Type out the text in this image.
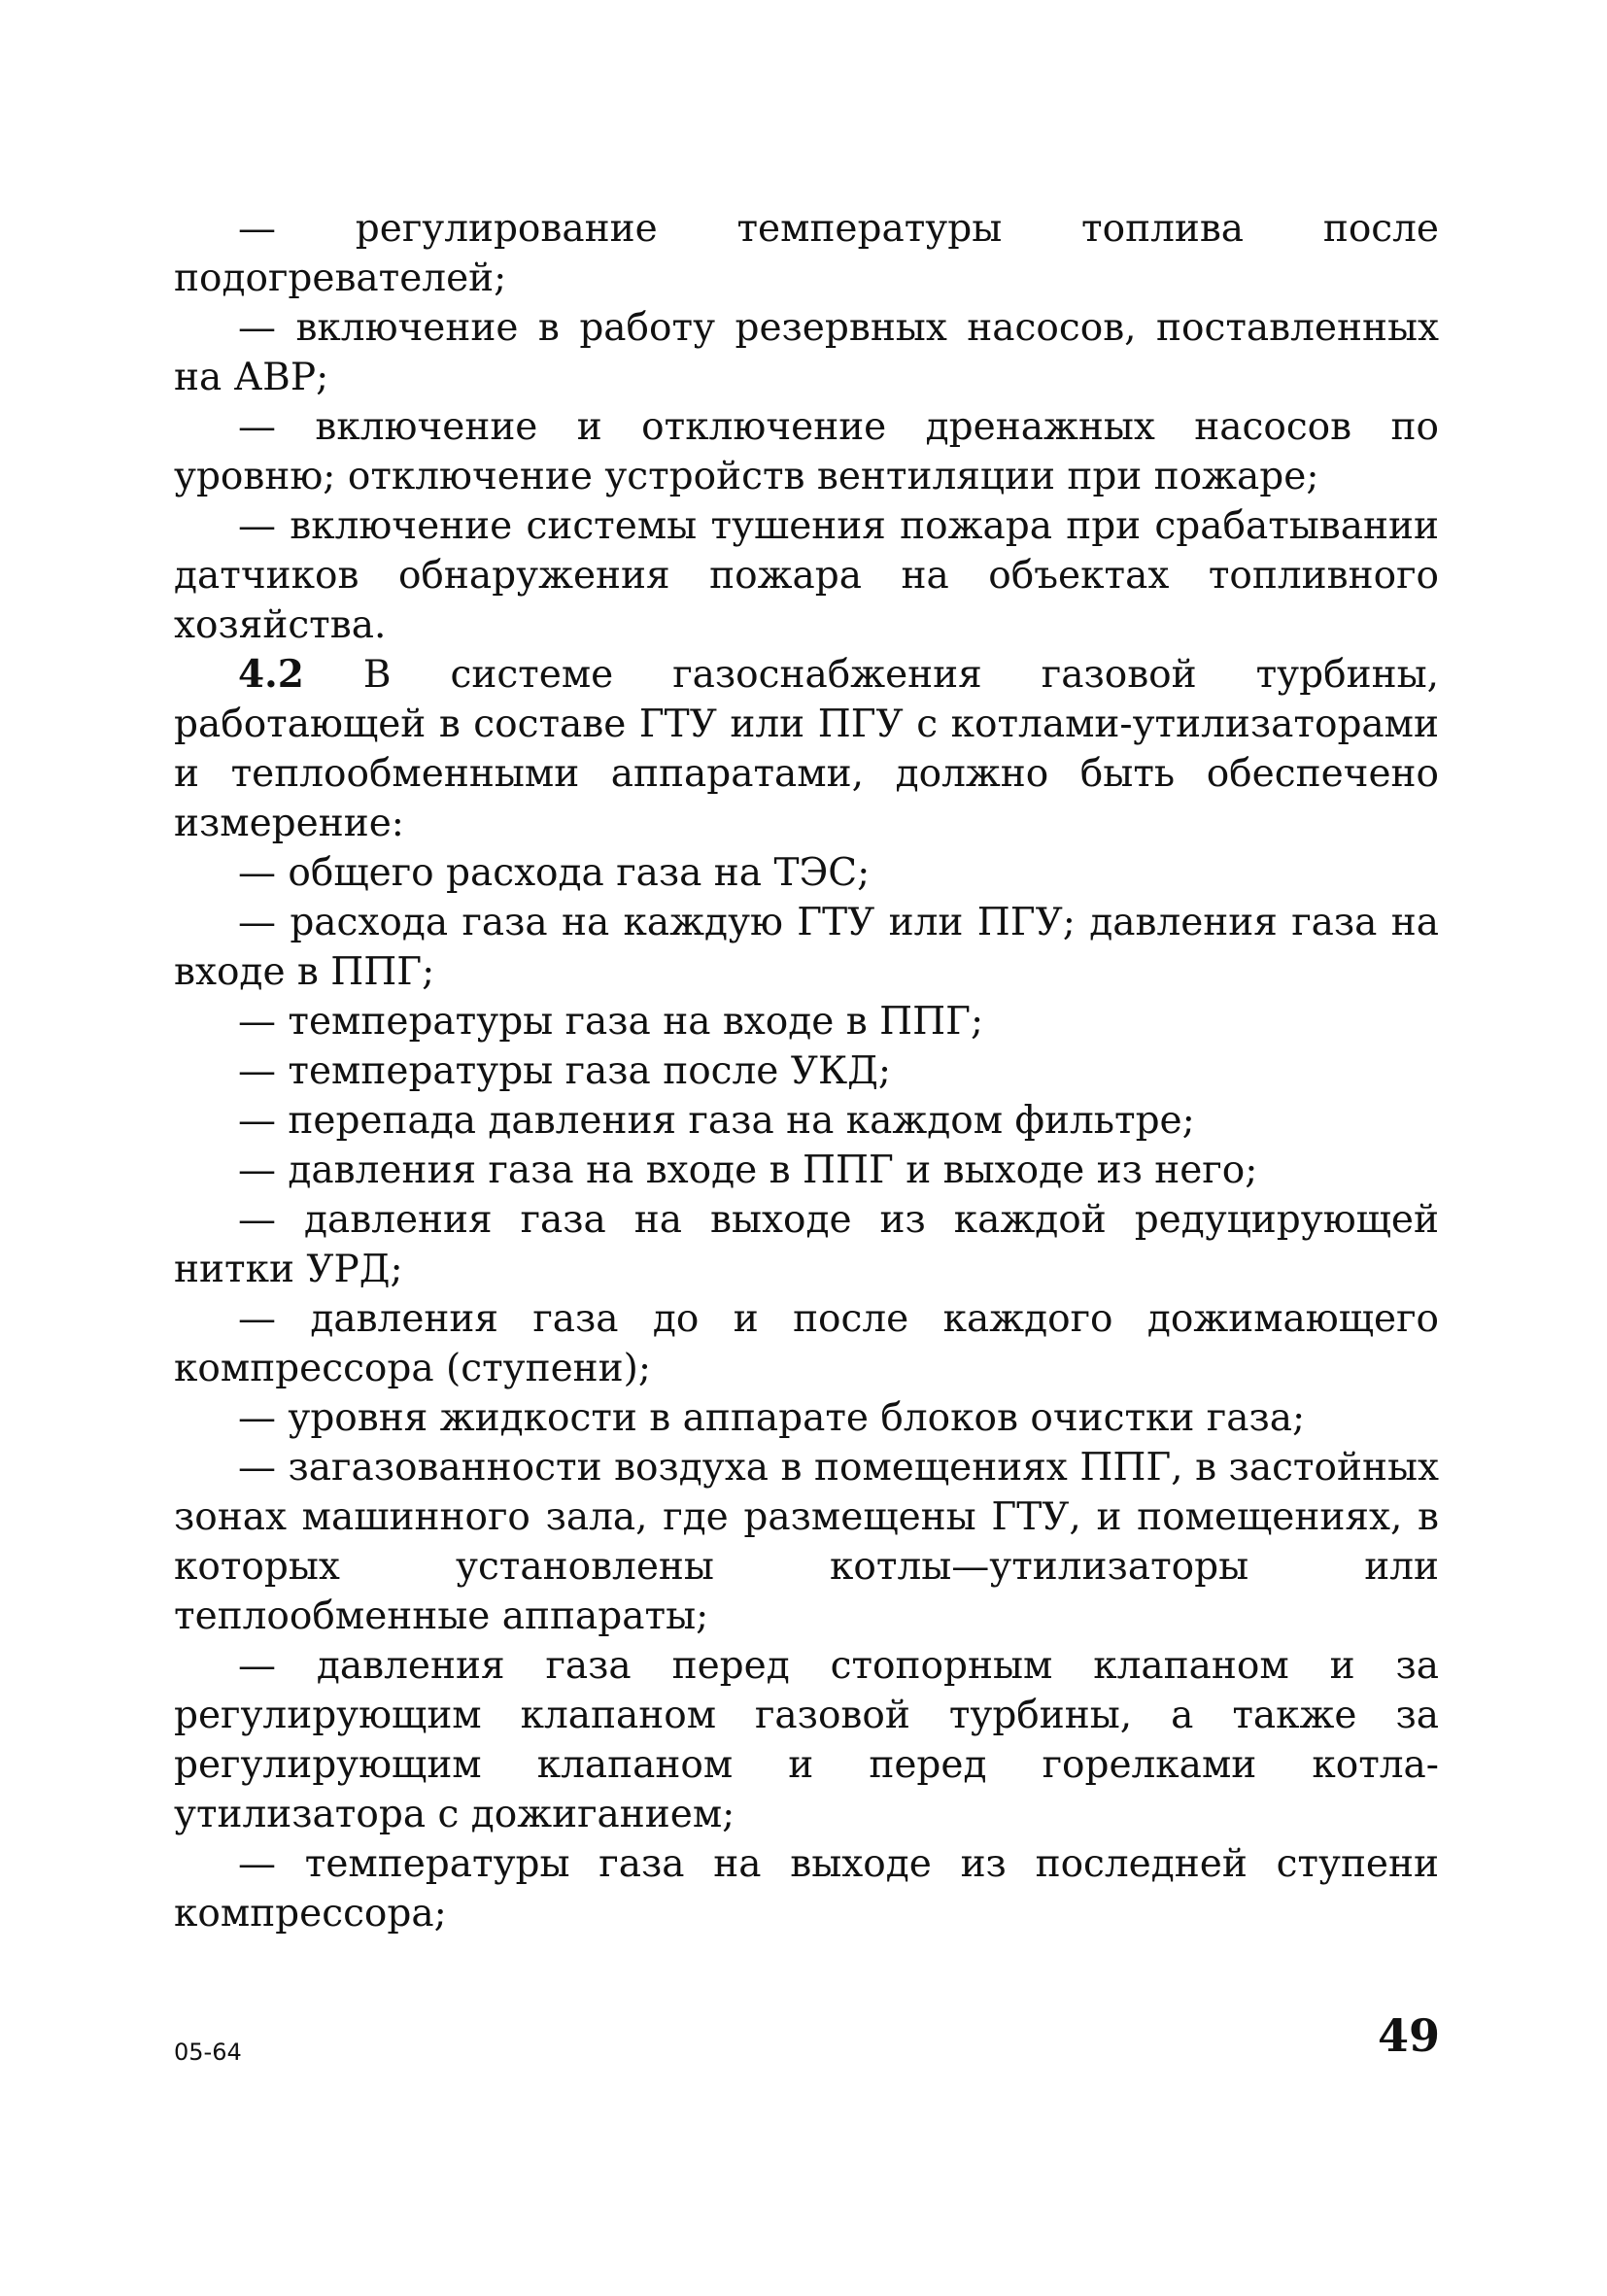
— регулирование температуры топлива после подогревателей;

— включение в работу резервных насосов, поставленных на АВР;

— включение и отключение дренажных насосов по уровню; отключение устройств вентиляции при пожаре;

— включение системы тушения пожара при срабатывании датчиков обнаружения пожара на объектах топливного хозяйства.

4.2 В системе газоснабжения газовой турбины, работающей в составе ГТУ или ПГУ с котлами-утилизаторами и теплообменными аппаратами, должно быть обеспечено измерение:

— общего расхода газа на ТЭС;

— расхода газа на каждую ГТУ или ПГУ; давления газа на входе в ППГ;

— температуры газа на входе в ППГ;

— температуры газа после УКД;

— перепада давления газа на каждом фильтре;

— давления газа на входе в ППГ и выходе из него;

— давления газа на выходе из каждой редуцирующей нитки УРД;

— давления газа до и после каждого дожимающего компрессора (ступени);

— уровня жидкости в аппарате блоков очистки газа;

— загазованности воздуха в помещениях ППГ, в застойных зонах машинного зала, где размещены ГТУ, и помещениях, в которых установлены котлы—утилизаторы или теплообменные аппараты;

— давления газа перед стопорным клапаном и за регулирующим клапаном газовой турбины, а также за регулирующим клапаном и перед горелками котла-утилизатора с дожиганием;

— температуры газа на выходе из последней ступени компрессора;

05-64	49
